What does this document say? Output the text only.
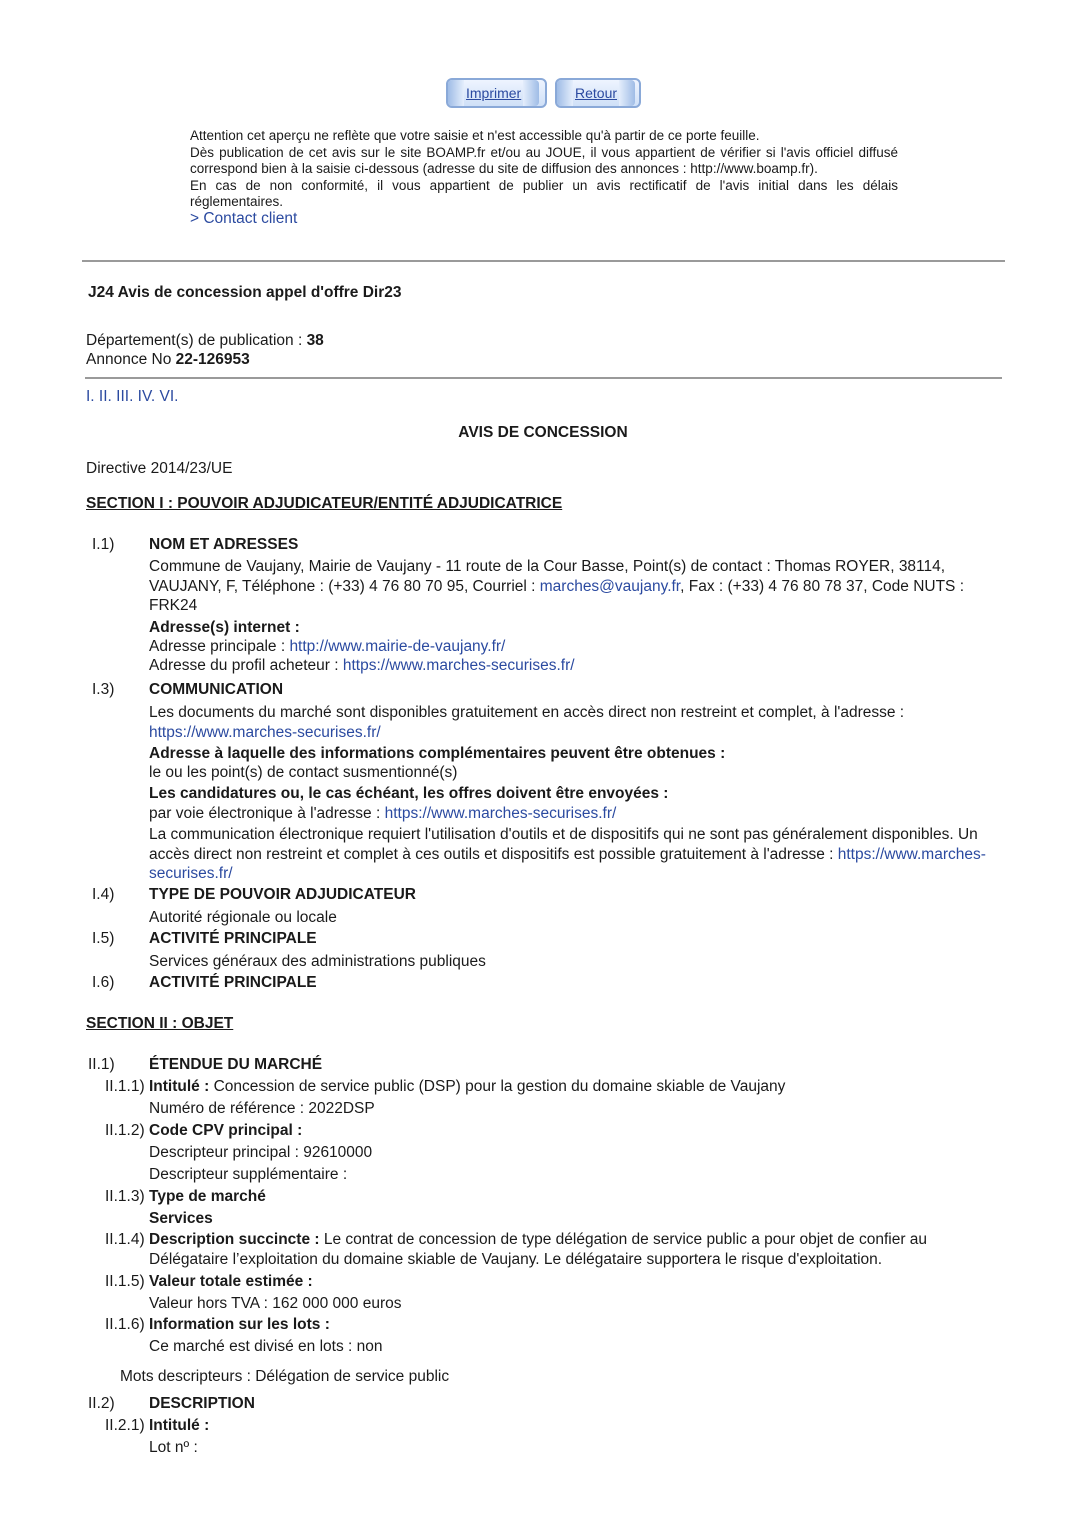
Imprimer	Retour

Attention cet aperçu ne reflète que votre saisie et n'est accessible qu'à partir de ce porte feuille.

Dès publication de cet avis sur le site BOAMP.fr et/ou au JOUE, il vous appartient de vérifier si l'avis officiel diffusé correspond bien à la saisie ci-dessous (adresse du site de diffusion des annonces : http://www.boamp.fr).

En cas de non conformité, il vous appartient de publier un avis rectificatif de l'avis initial dans les délais réglementaires.

> Contact client
J24 Avis de concession appel d'offre Dir23
Département(s) de publication : 38
Annonce No 22-126953
I. II. III. IV. VI.
AVIS DE CONCESSION
Directive 2014/23/UE
SECTION I : POUVOIR ADJUDICATEUR/ENTITÉ ADJUDICATRICE
I.1) NOM ET ADRESSES
Commune de Vaujany, Mairie de Vaujany - 11 route de la Cour Basse, Point(s) de contact : Thomas ROYER, 38114, VAUJANY, F, Téléphone : (+33) 4 76 80 70 95, Courriel : marches@vaujany.fr, Fax : (+33) 4 76 80 78 37, Code NUTS : FRK24
Adresse(s) internet :
Adresse principale : http://www.mairie-de-vaujany.fr/
Adresse du profil acheteur : https://www.marches-securises.fr/
I.3) COMMUNICATION
Les documents du marché sont disponibles gratuitement en accès direct non restreint et complet, à l'adresse : https://www.marches-securises.fr/
Adresse à laquelle des informations complémentaires peuvent être obtenues :
le ou les point(s) de contact susmentionné(s)
Les candidatures ou, le cas échéant, les offres doivent être envoyées :
par voie électronique à l'adresse : https://www.marches-securises.fr/
La communication électronique requiert l'utilisation d'outils et de dispositifs qui ne sont pas généralement disponibles. Un accès direct non restreint et complet à ces outils et dispositifs est possible gratuitement à l'adresse : https://www.marches-securises.fr/
I.4) TYPE DE POUVOIR ADJUDICATEUR
Autorité régionale ou locale
I.5) ACTIVITÉ PRINCIPALE
Services généraux des administrations publiques
I.6) ACTIVITÉ PRINCIPALE
SECTION II : OBJET
II.1) ÉTENDUE DU MARCHÉ
II.1.1) Intitulé : Concession de service public (DSP) pour la gestion du domaine skiable de Vaujany
Numéro de référence : 2022DSP
II.1.2) Code CPV principal :
Descripteur principal : 92610000
Descripteur supplémentaire :
II.1.3) Type de marché
Services
II.1.4) Description succincte : Le contrat de concession de type délégation de service public a pour objet de confier au Délégataire l’exploitation du domaine skiable de Vaujany. Le délégataire supportera le risque d'exploitation.
II.1.5) Valeur totale estimée :
Valeur hors TVA : 162 000 000 euros
II.1.6) Information sur les lots :
Ce marché est divisé en lots : non
Mots descripteurs : Délégation de service public
II.2) DESCRIPTION
II.2.1) Intitulé :
Lot nº :
